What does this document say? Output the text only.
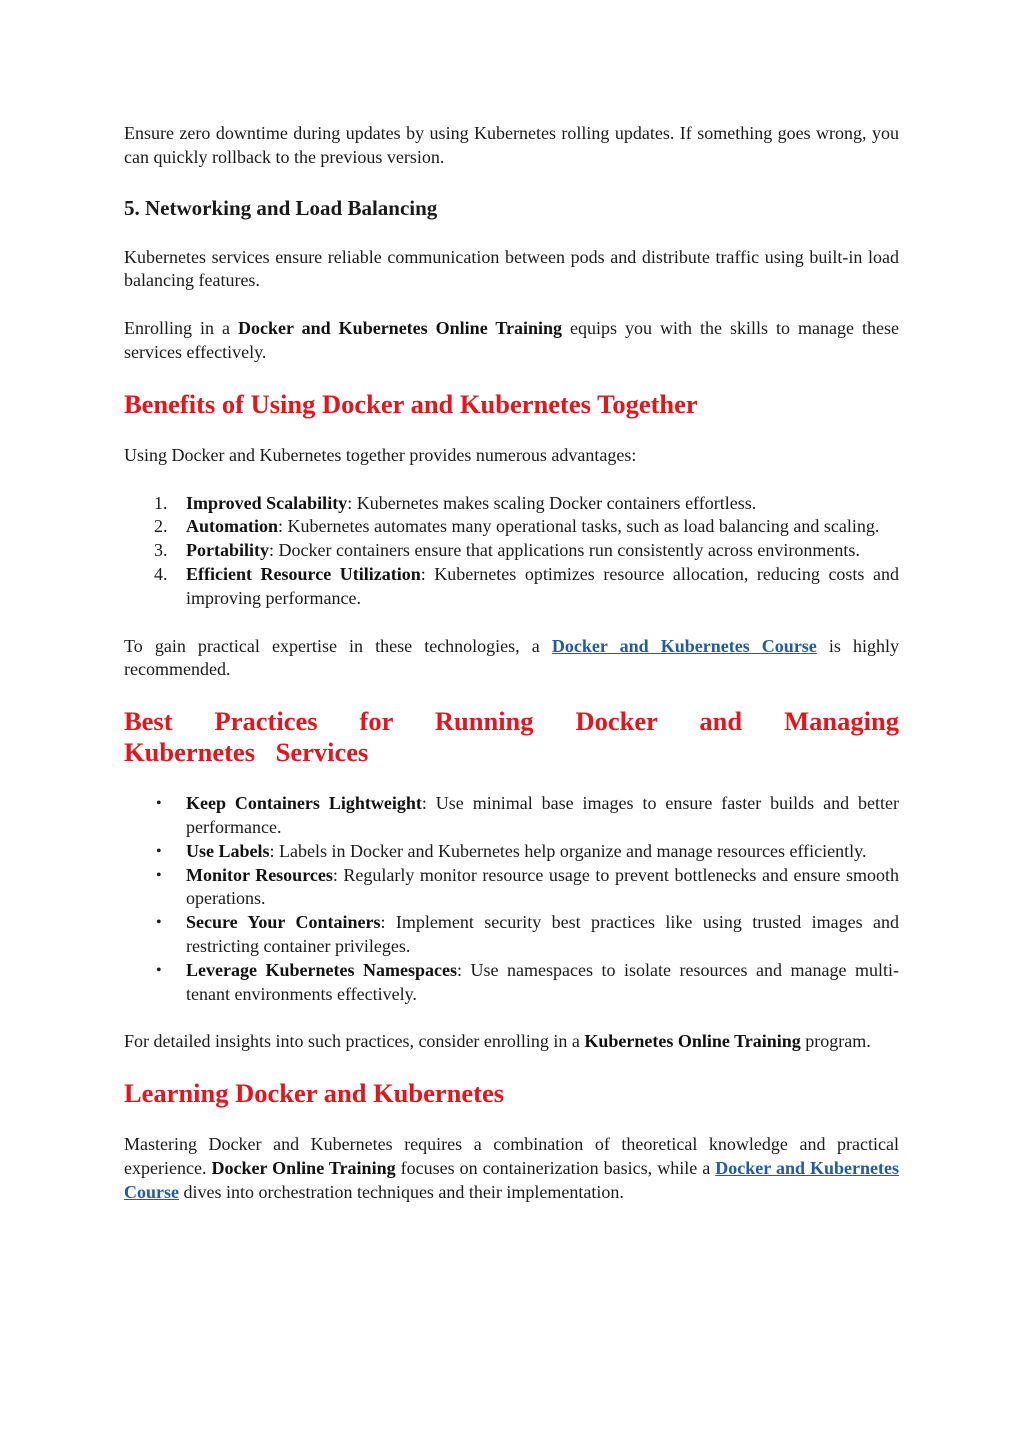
Ensure zero downtime during updates by using Kubernetes rolling updates. If something goes wrong, you can quickly rollback to the previous version.

5. Networking and Load Balancing

Kubernetes services ensure reliable communication between pods and distribute traffic using built-in load balancing features.

Enrolling in a Docker and Kubernetes Online Training equips you with the skills to manage these services effectively.

Benefits of Using Docker and Kubernetes Together

Using Docker and Kubernetes together provides numerous advantages:

1. Improved Scalability: Kubernetes makes scaling Docker containers effortless.
2. Automation: Kubernetes automates many operational tasks, such as load balancing and scaling.
3. Portability: Docker containers ensure that applications run consistently across environments.
4. Efficient Resource Utilization: Kubernetes optimizes resource allocation, reducing costs and improving performance.

To gain practical expertise in these technologies, a Docker and Kubernetes Course is highly recommended.

Best Practices for Running Docker and Managing Kubernetes Services
• Keep Containers Lightweight: Use minimal base images to ensure faster builds and better performance.
• Use Labels: Labels in Docker and Kubernetes help organize and manage resources efficiently.
• Monitor Resources: Regularly monitor resource usage to prevent bottlenecks and ensure smooth operations.
• Secure Your Containers: Implement security best practices like using trusted images and restricting container privileges.
• Leverage Kubernetes Namespaces: Use namespaces to isolate resources and manage multi-tenant environments effectively.

For detailed insights into such practices, consider enrolling in a Kubernetes Online Training program.

Learning Docker and Kubernetes

Mastering Docker and Kubernetes requires a combination of theoretical knowledge and practical experience. Docker Online Training focuses on containerization basics, while a Docker and Kubernetes Course dives into orchestration techniques and their implementation.
